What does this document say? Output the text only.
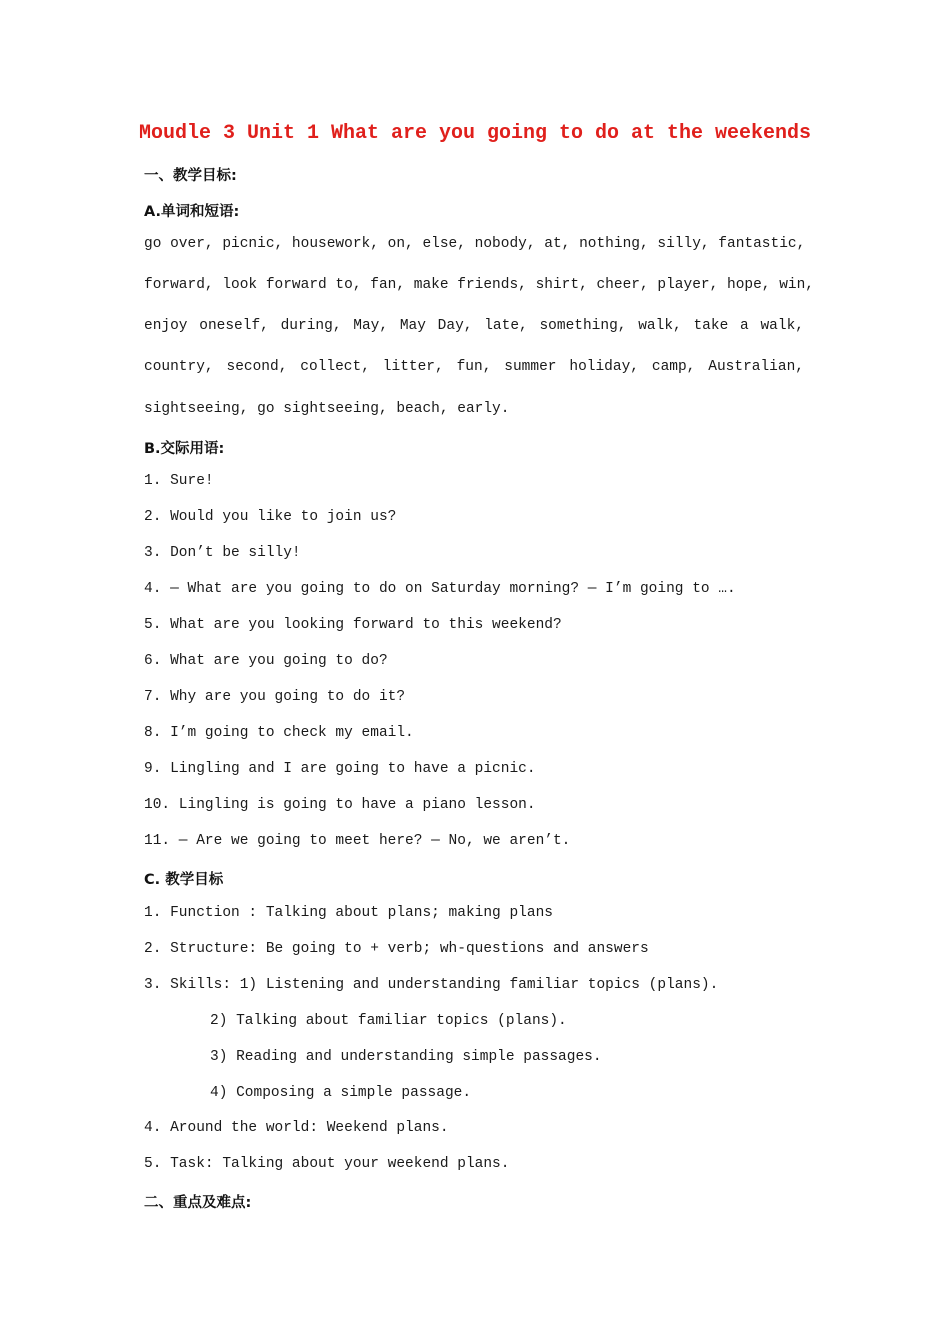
Moudle 3 Unit 1 What are you going to do at the weekends
一、教学目标:
A.单词和短语:
go over, picnic, housework, on, else, nobody, at, nothing, silly, fantastic,
forward, look forward to, fan, make friends, shirt, cheer, player, hope, win,
enjoy oneself, during, May, May Day, late, something, walk, take a walk,
country, second, collect, litter, fun, summer holiday, camp, Australian,
sightseeing, go sightseeing, beach, early.
B.交际用语:
1. Sure!
2. Would you like to join us?
3. Don’t be silly!
4. — What are you going to do on Saturday morning? — I’m going to ….
5. What are you looking forward to this weekend?
6. What are you going to do?
7. Why are you going to do it?
8. I’m going to check my email.
9. Lingling and I are going to have a picnic.
10. Lingling is going to have a piano lesson.
11. — Are we going to meet here? — No, we aren’t.
C. 教学目标
1. Function : Talking about plans; making plans
2. Structure: Be going to + verb; wh-questions and answers
3. Skills: 1) Listening and understanding familiar topics (plans).
2) Talking about familiar topics (plans).
3) Reading and understanding simple passages.
4) Composing a simple passage.
4. Around the world: Weekend plans.
5. Task: Talking about your weekend plans.
二、重点及难点:
